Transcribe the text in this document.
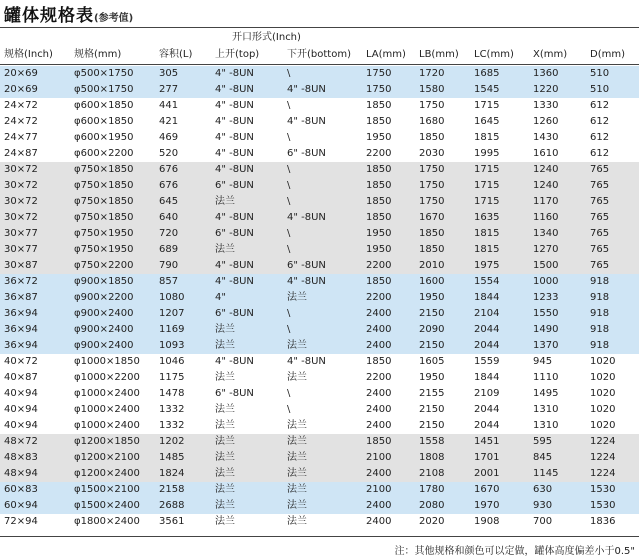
罐体规格表(参考值)
开口形式(Inch)
规格(Inch) 规格(mm)	容积(L) 上开(top)	下开(bottom) LA(mm) LB(mm) LC(mm) X(mm) D(mm)
20×69	φ500×1750	305	4" -8UN	\	1750	1720	1685	1360	510
20×69	φ500×1750	277	4" -8UN	4" -8UN	1750	1580	1545	1220	510
24×72	φ600×1850	441	4" -8UN	\	1850	1750	1715	1330	612
24×72	φ600×1850	421	4" -8UN	4" -8UN	1850	1680	1645	1260	612
24×77	φ600×1950	469	4" -8UN	\	1950	1850	1815	1430	612
24×87	φ600×2200	520	4" -8UN	6" -8UN	2200	2030	1995	1610	612
30×72	φ750×1850	676	4" -8UN	\	1850	1750	1715	1240	765
30×72	φ750×1850	676	6" -8UN	\	1850	1750	1715	1240	765
30×72	φ750×1850	645	法兰	\	1850	1750	1715	1170	765
30×72	φ750×1850	640	4" -8UN	4" -8UN	1850	1670	1635	1160	765
30×77	φ750×1950	720	6" -8UN	\	1950	1850	1815	1340	765
30×77	φ750×1950	689	法兰	\	1950	1850	1815	1270	765
30×87	φ750×2200	790	4" -8UN	6" -8UN	2200	2010	1975	1500	765
36×72	φ900×1850	857	4" -8UN	4" -8UN	1850	1600	1554	1000	918
36×87	φ900×2200	1080	4"	法兰	2200	1950	1844	1233	918
36×94	φ900×2400	1207	6" -8UN	\	2400	2150	2104	1550	918
36×94	φ900×2400	1169	法兰	\	2400	2090	2044	1490	918
36×94	φ900×2400	1093	法兰	法兰	2400	2150	2044	1370	918
40×72	φ1000×1850 1046	4" -8UN	4" -8UN	1850	1605	1559	945	1020
40×87	φ1000×2200 1175	法兰	法兰	2200	1950	1844	1110	1020
40×94	φ1000×2400 1478	6" -8UN	\	2400	2155	2109	1495	1020
40×94	φ1000×2400 1332	法兰	\	2400	2150	2044	1310	1020
40×94	φ1000×2400 1332	法兰	法兰	2400	2150	2044	1310	1020
48×72	φ1200×1850 1202	法兰	法兰	1850	1558	1451	595	1224
48×83	φ1200×2100 1485	法兰	法兰	2100	1808	1701	845	1224
48×94	φ1200×2400 1824	法兰	法兰	2400	2108	2001	1145	1224
60×83	φ1500×2100 2158	法兰	法兰	2100	1780	1670	630	1530
60×94	φ1500×2400 2688	法兰	法兰	2400	2080	1970	930	1530
72×94	φ1800×2400 3561	法兰	法兰	2400	2020	1908	700	1836
注：其他规格和颜色可以定做，罐体高度偏差小于0.5"
